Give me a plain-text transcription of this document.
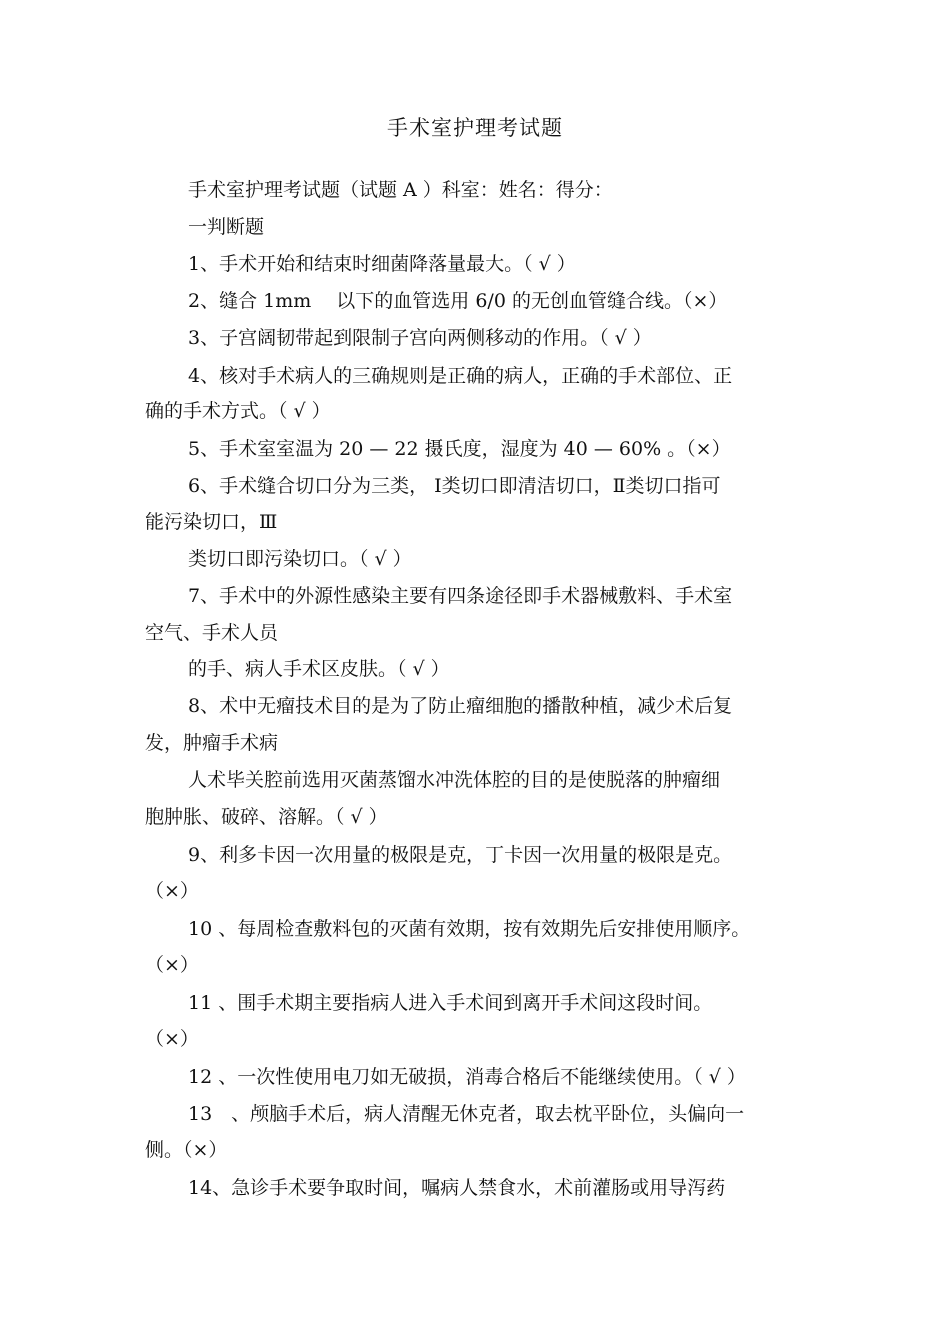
手术室护理考试题
手术室护理考试题（试题 A ）科室：姓名：得分：
一判断题
1、手术开始和结束时细菌降落量最大。（ √ ）
2、缝合 1mm　 以下的血管选用 6/0 的无创血管缝合线。（×）
3、子宫阔韧带起到限制子宫向两侧移动的作用。（ √ ）
4、核对手术病人的三确规则是正确的病人，正确的手术部位、正
确的手术方式。（ √ ）
5、手术室室温为 20 — 22 摄氏度，湿度为 40 — 60% 。（×）
6、手术缝合切口分为三类， Ⅰ类切口即清洁切口，Ⅱ类切口指可
能污染切口，Ⅲ
类切口即污染切口。（ √ ）
7、手术中的外源性感染主要有四条途径即手术器械敷料、手术室
空气、手术人员
的手、病人手术区皮肤。（ √ ）
8、术中无瘤技术目的是为了防止瘤细胞的播散种植，减少术后复
发，肿瘤手术病
人术毕关腔前选用灭菌蒸馏水冲洗体腔的目的是使脱落的肿瘤细
胞肿胀、破碎、溶解。（ √ ）
9、利多卡因一次用量的极限是克，丁卡因一次用量的极限是克。
（×）
10 、每周检查敷料包的灭菌有效期，按有效期先后安排使用顺序。
（×）
11 、围手术期主要指病人进入手术间到离开手术间这段时间。
（×）
12 、一次性使用电刀如无破损，消毒合格后不能继续使用。（ √ ）
13　、颅脑手术后，病人清醒无休克者，取去枕平卧位，头偏向一
侧。（×）
14、急诊手术要争取时间，嘱病人禁食水，术前灌肠或用导泻药
